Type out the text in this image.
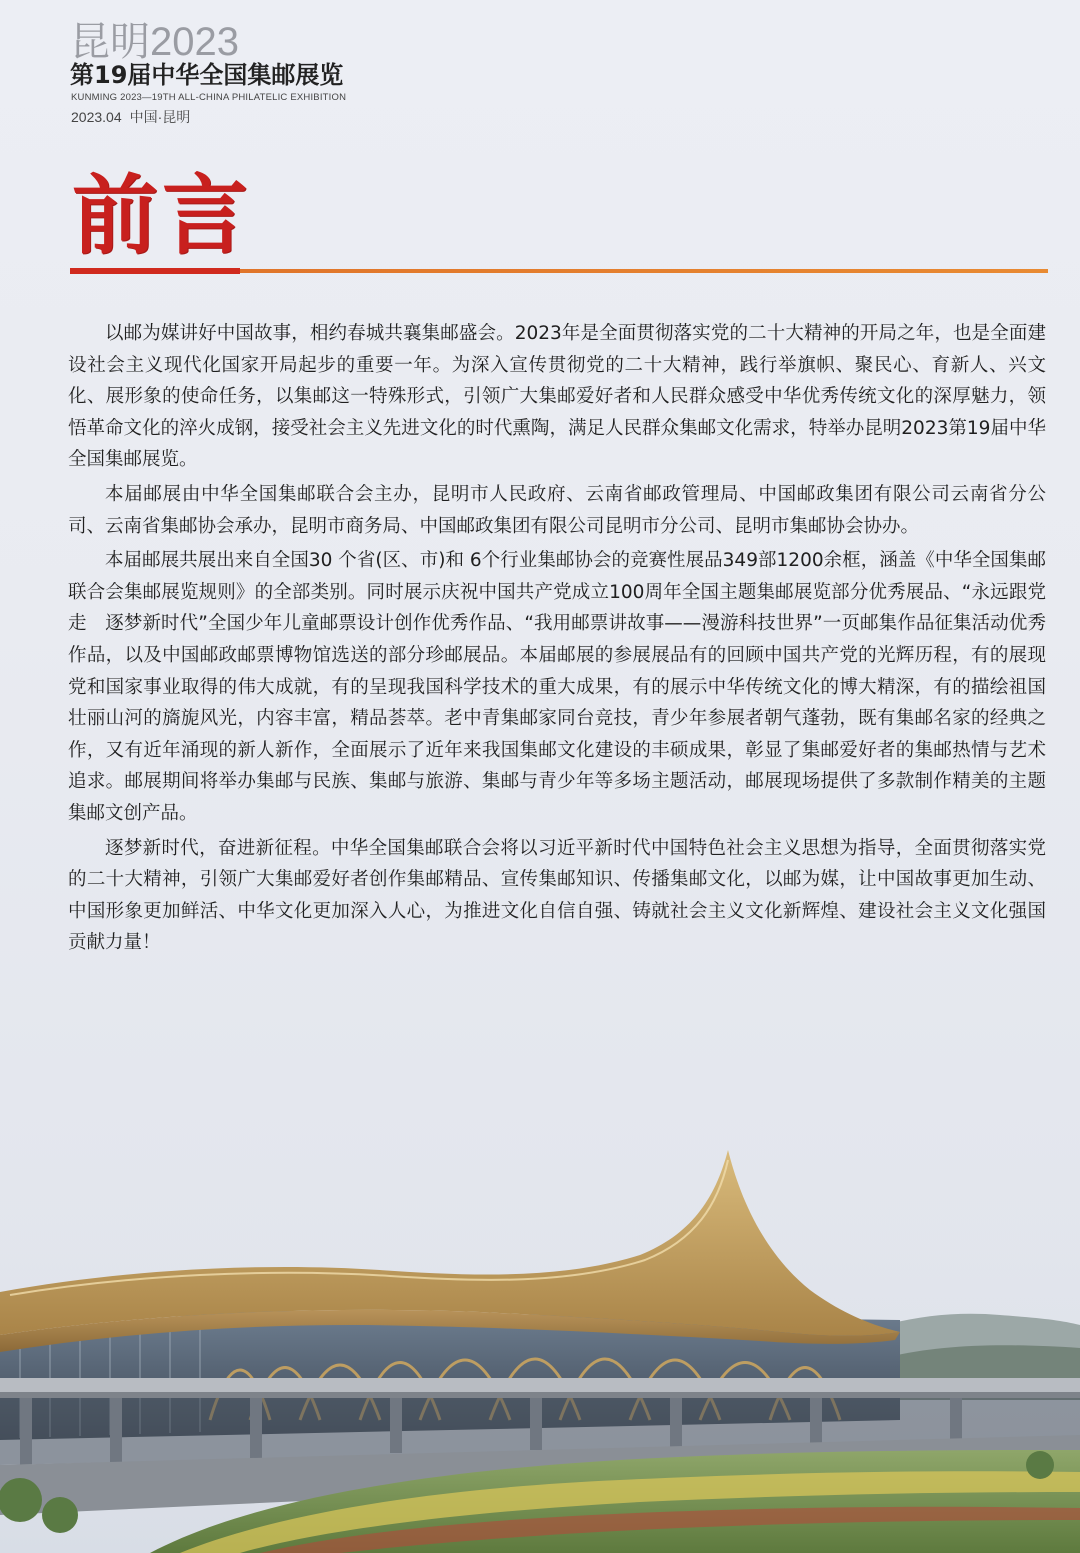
昆明2023
第19届中华全国集邮展览
KUNMING 2023—19TH ALL-CHINA PHILATELIC EXHIBITION
2023.04 中国·昆明
前言

以邮为媒讲好中国故事，相约春城共襄集邮盛会。2023年是全面贯彻落实党的二十大精神的开局之年，也是全面建设社会主义现代化国家开局起步的重要一年。为深入宣传贯彻党的二十大精神，践行举旗帜、聚民心、育新人、兴文化、展形象的使命任务，以集邮这一特殊形式，引领广大集邮爱好者和人民群众感受中华优秀传统文化的深厚魅力，领悟革命文化的淬火成钢，接受社会主义先进文化的时代熏陶，满足人民群众集邮文化需求，特举办昆明2023第19届中华全国集邮展览。

本届邮展由中华全国集邮联合会主办，昆明市人民政府、云南省邮政管理局、中国邮政集团有限公司云南省分公司、云南省集邮协会承办，昆明市商务局、中国邮政集团有限公司昆明市分公司、昆明市集邮协会协办。

本届邮展共展出来自全国30 个省(区、市)和 6个行业集邮协会的竞赛性展品349部1200余框，涵盖《中华全国集邮联合会集邮展览规则》的全部类别。同时展示庆祝中国共产党成立100周年全国主题集邮展览部分优秀展品、“永远跟党走　逐梦新时代”全国少年儿童邮票设计创作优秀作品、“我用邮票讲故事——漫游科技世界”一页邮集作品征集活动优秀作品，以及中国邮政邮票博物馆选送的部分珍邮展品。本届邮展的参展展品有的回顾中国共产党的光辉历程，有的展现党和国家事业取得的伟大成就，有的呈现我国科学技术的重大成果，有的展示中华传统文化的博大精深，有的描绘祖国壮丽山河的旖旎风光，内容丰富，精品荟萃。老中青集邮家同台竞技，青少年参展者朝气蓬勃，既有集邮名家的经典之作，又有近年涌现的新人新作，全面展示了近年来我国集邮文化建设的丰硕成果，彰显了集邮爱好者的集邮热情与艺术追求。邮展期间将举办集邮与民族、集邮与旅游、集邮与青少年等多场主题活动，邮展现场提供了多款制作精美的主题集邮文创产品。

逐梦新时代，奋进新征程。中华全国集邮联合会将以习近平新时代中国特色社会主义思想为指导，全面贯彻落实党的二十大精神，引领广大集邮爱好者创作集邮精品、宣传集邮知识、传播集邮文化，以邮为媒，让中国故事更加生动、中国形象更加鲜活、中华文化更加深入人心，为推进文化自信自强、铸就社会主义文化新辉煌、建设社会主义文化强国贡献力量！
